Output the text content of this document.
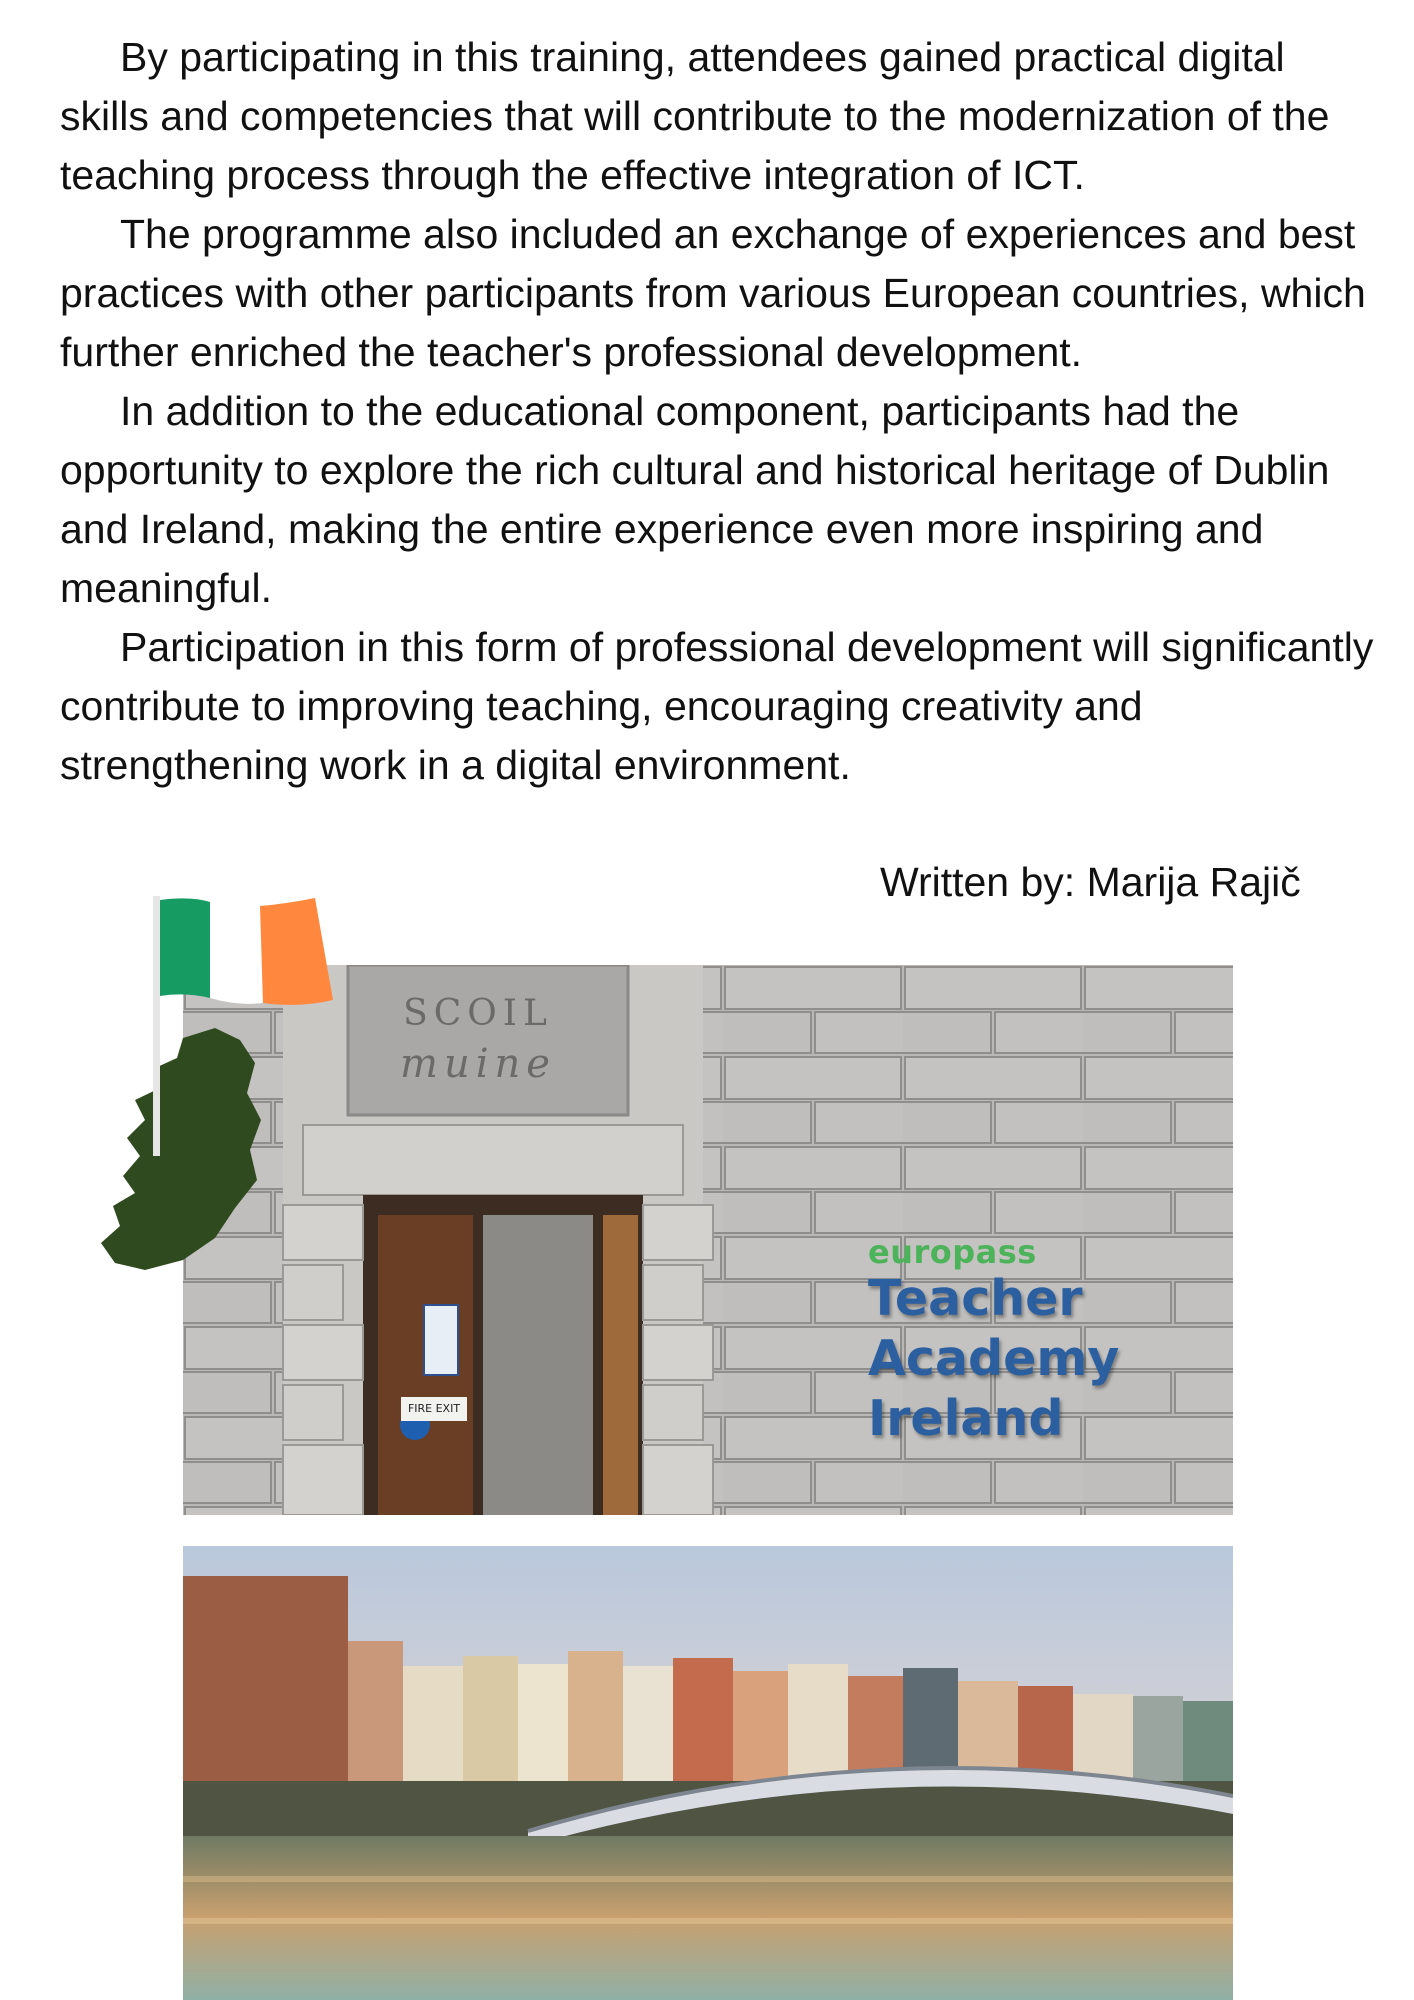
By participating in this training, attendees gained practical digital skills and competencies that will contribute to the modernization of the teaching process through the effective integration of ICT.

The programme also included an exchange of experiences and best practices with other participants from various European countries, which further enriched the teacher's professional development.

In addition to the educational component, participants had the opportunity to explore the rich cultural and historical heritage of Dublin and Ireland, making the entire experience even more inspiring and meaningful.

Participation in this form of professional development will significantly contribute to improving teaching, encouraging creativity and strengthening work in a digital environment.

Written by: Marija Rajič

SCOIL
muine
FIRE EXIT
europass
Teacher
Academy
Ireland
